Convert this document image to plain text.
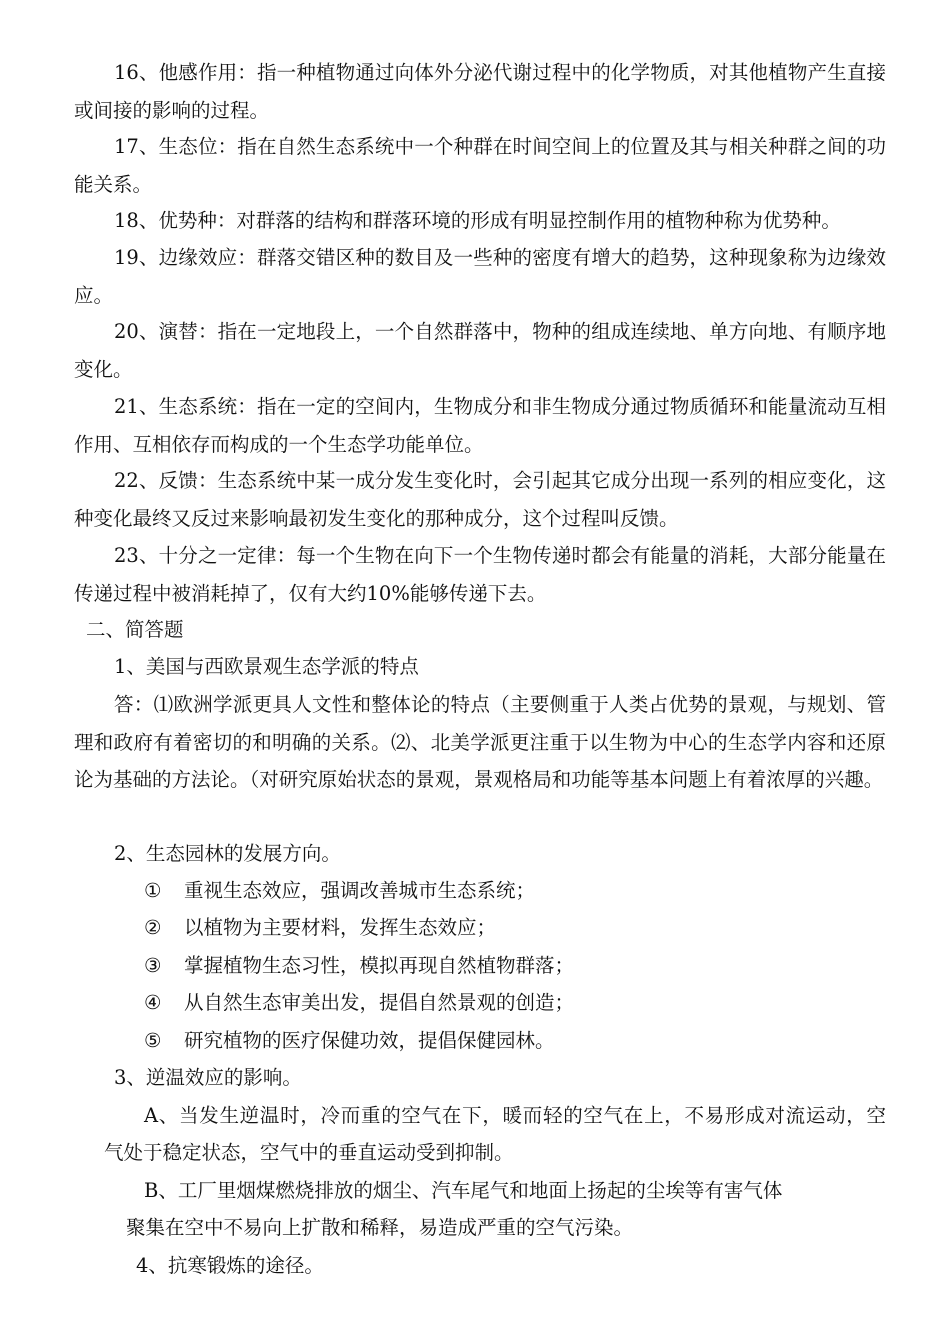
16、他感作用：指一种植物通过向体外分泌代谢过程中的化学物质，对其他植物产生直接或间接的影响的过程。

17、生态位：指在自然生态系统中一个种群在时间空间上的位置及其与相关种群之间的功能关系。

18、优势种：对群落的结构和群落环境的形成有明显控制作用的植物种称为优势种。

19、边缘效应：群落交错区种的数目及一些种的密度有增大的趋势，这种现象称为边缘效应。

20、演替：指在一定地段上，一个自然群落中，物种的组成连续地、单方向地、有顺序地变化。

21、生态系统：指在一定的空间内，生物成分和非生物成分通过物质循环和能量流动互相作用、互相依存而构成的一个生态学功能单位。

22、反馈：生态系统中某一成分发生变化时，会引起其它成分出现一系列的相应变化，这种变化最终又反过来影响最初发生变化的那种成分，这个过程叫反馈。

23、十分之一定律：每一个生物在向下一个生物传递时都会有能量的消耗，大部分能量在传递过程中被消耗掉了，仅有大约10%能够传递下去。

二、简答题
1、美国与西欧景观生态学派的特点

答：⑴欧洲学派更具人文性和整体论的特点（主要侧重于人类占优势的景观，与规划、管理和政府有着密切的和明确的关系。⑵、北美学派更注重于以生物为中心的生态学内容和还原论为基础的方法论。（对研究原始状态的景观，景观格局和功能等基本问题上有着浓厚的兴趣。

2、生态园林的发展方向。
① 重视生态效应，强调改善城市生态系统；
② 以植物为主要材料，发挥生态效应；
③ 掌握植物生态习性，模拟再现自然植物群落；
④ 从自然生态审美出发，提倡自然景观的创造；
⑤ 研究植物的医疗保健功效，提倡保健园林。
3、逆温效应的影响。
A、当发生逆温时，冷而重的空气在下，暖而轻的空气在上，不易形成对流运动，空
气处于稳定状态，空气中的垂直运动受到抑制。
B、工厂里烟煤燃烧排放的烟尘、汽车尾气和地面上扬起的尘埃等有害气体
聚集在空中不易向上扩散和稀释，易造成严重的空气污染。
4、抗寒锻炼的途径。
